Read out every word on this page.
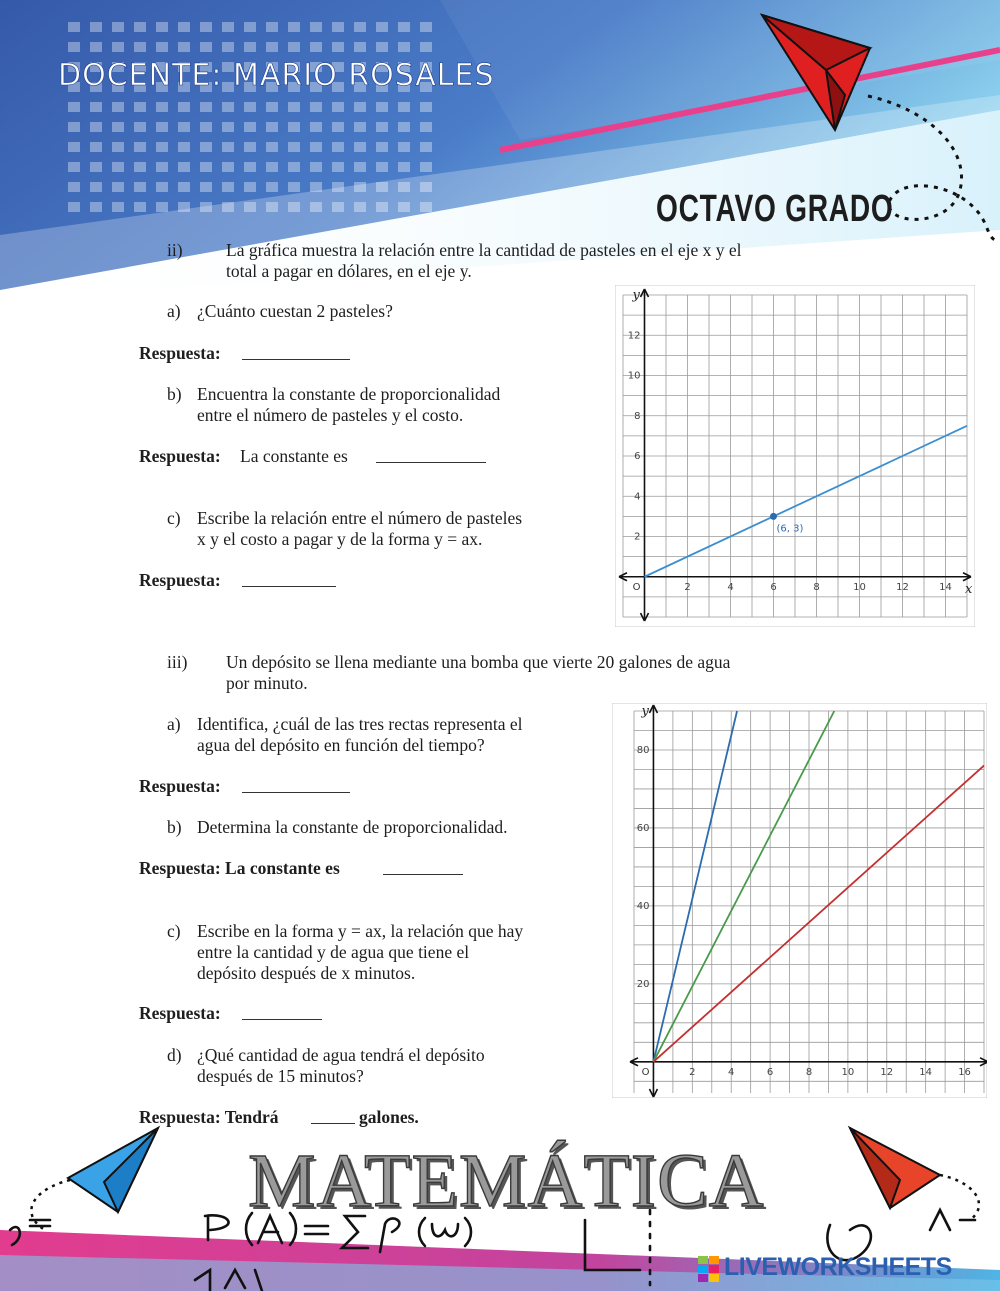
DOCENTE: MARIO ROSALES
OCTAVO GRADO
ii) La gráfica muestra la relación entre la cantidad de pasteles en el eje x y el
total a pagar en dólares, en el eje y.
a) ¿Cuánto cuestan 2 pasteles?
Respuesta:
b) Encuentra la constante de proporcionalidad
entre el número de pasteles y el costo.
Respuesta: La constante es
c) Escribe la relación entre el número de pasteles
x y el costo a pagar y de la forma y = ax.
Respuesta:	2	4	6	8	10	12	14
2
4
6
8
10
12
O	x
y
(6, 3)
iii) Un depósito se llena mediante una bomba que vierte 20 galones de agua
por minuto.
a) Identifica, ¿cuál de las tres rectas representa el
agua del depósito en función del tiempo?
Respuesta:
b) Determina la constante de proporcionalidad.
Respuesta: La constante es
c) Escribe en la forma y = ax, la relación que hay
entre la cantidad y de agua que tiene el
depósito después de x minutos.
Respuesta:
d) ¿Qué cantidad de agua tendrá el depósito
después de 15 minutos?
Respuesta: Tendrá	galones.
2	4	6	8	10	12	14	16
20
40
60
80
O
y
MATEMÁTICA
LIVEWORKSHEETS
